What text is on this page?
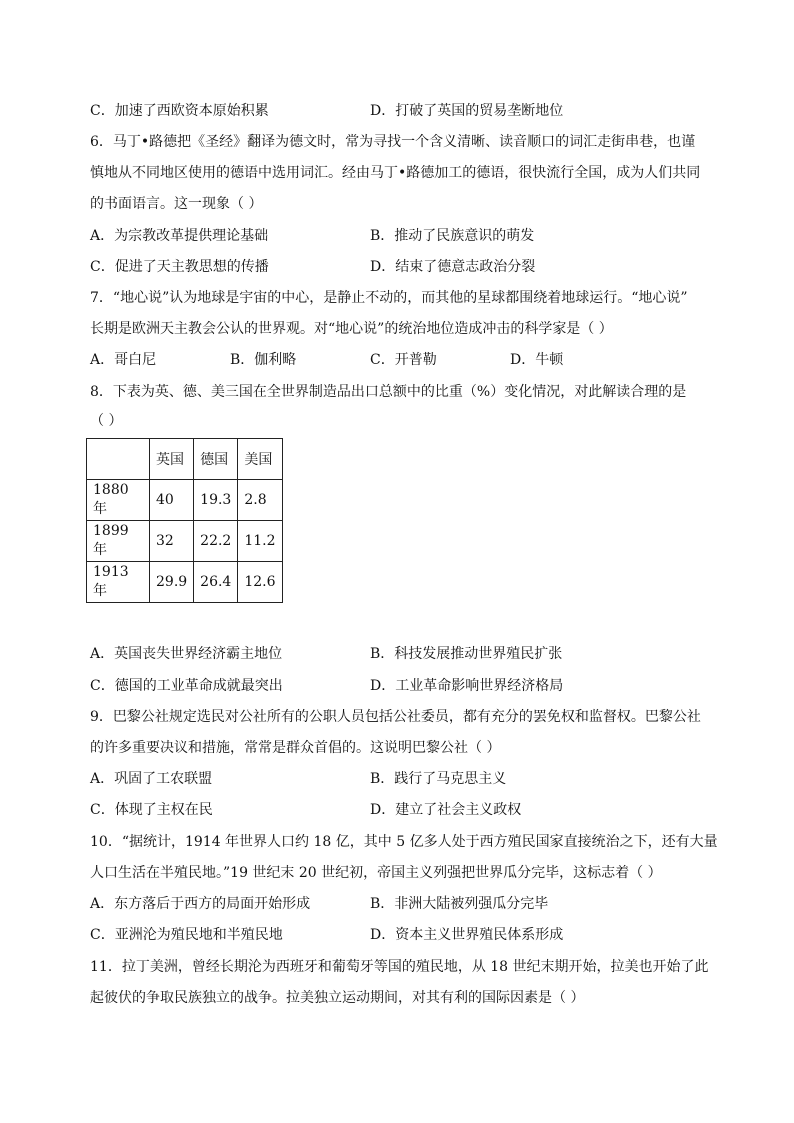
C．加速了西欧资本原始积累	D．打破了英国的贸易垄断地位
6．马丁•路德把《圣经》翻译为德文时，常为寻找一个含义清晰、读音顺口的词汇走街串巷，也谨
慎地从不同地区使用的德语中选用词汇。经由马丁•路德加工的德语，很快流行全国，成为人们共同
的书面语言。这一现象（ ）
A．为宗教改革提供理论基础	B．推动了民族意识的萌发
C．促进了天主教思想的传播	D．结束了德意志政治分裂
7．“地心说”认为地球是宇宙的中心，是静止不动的，而其他的星球都围绕着地球运行。“地心说”
长期是欧洲天主教会公认的世界观。对“地心说”的统治地位造成冲击的科学家是（ ）
A．哥白尼	B．伽利略	C．开普勒	D．牛顿
8．下表为英、德、美三国在全世界制造品出口总额中的比重（%）变化情况，对此解读合理的是
（ ）
	英国	德国	美国
1880 年	40	19.3	2.8
1899 年	32	22.2	11.2
1913 年	29.9	26.4	12.6
A．英国丧失世界经济霸主地位	B．科技发展推动世界殖民扩张
C．德国的工业革命成就最突出	D．工业革命影响世界经济格局
9．巴黎公社规定选民对公社所有的公职人员包括公社委员，都有充分的罢免权和监督权。巴黎公社
的许多重要决议和措施，常常是群众首倡的。这说明巴黎公社（ ）
A．巩固了工农联盟	B．践行了马克思主义
C．体现了主权在民	D．建立了社会主义政权
10．“据统计，1914 年世界人口约 18 亿，其中 5 亿多人处于西方殖民国家直接统治之下，还有大量
人口生活在半殖民地。”19 世纪末 20 世纪初，帝国主义列强把世界瓜分完毕，这标志着（ ）
A．东方落后于西方的局面开始形成	B．非洲大陆被列强瓜分完毕
C．亚洲沦为殖民地和半殖民地	D．资本主义世界殖民体系形成
11．拉丁美洲，曾经长期沦为西班牙和葡萄牙等国的殖民地，从 18 世纪末期开始，拉美也开始了此
起彼伏的争取民族独立的战争。拉美独立运动期间，对其有利的国际因素是（ ）
